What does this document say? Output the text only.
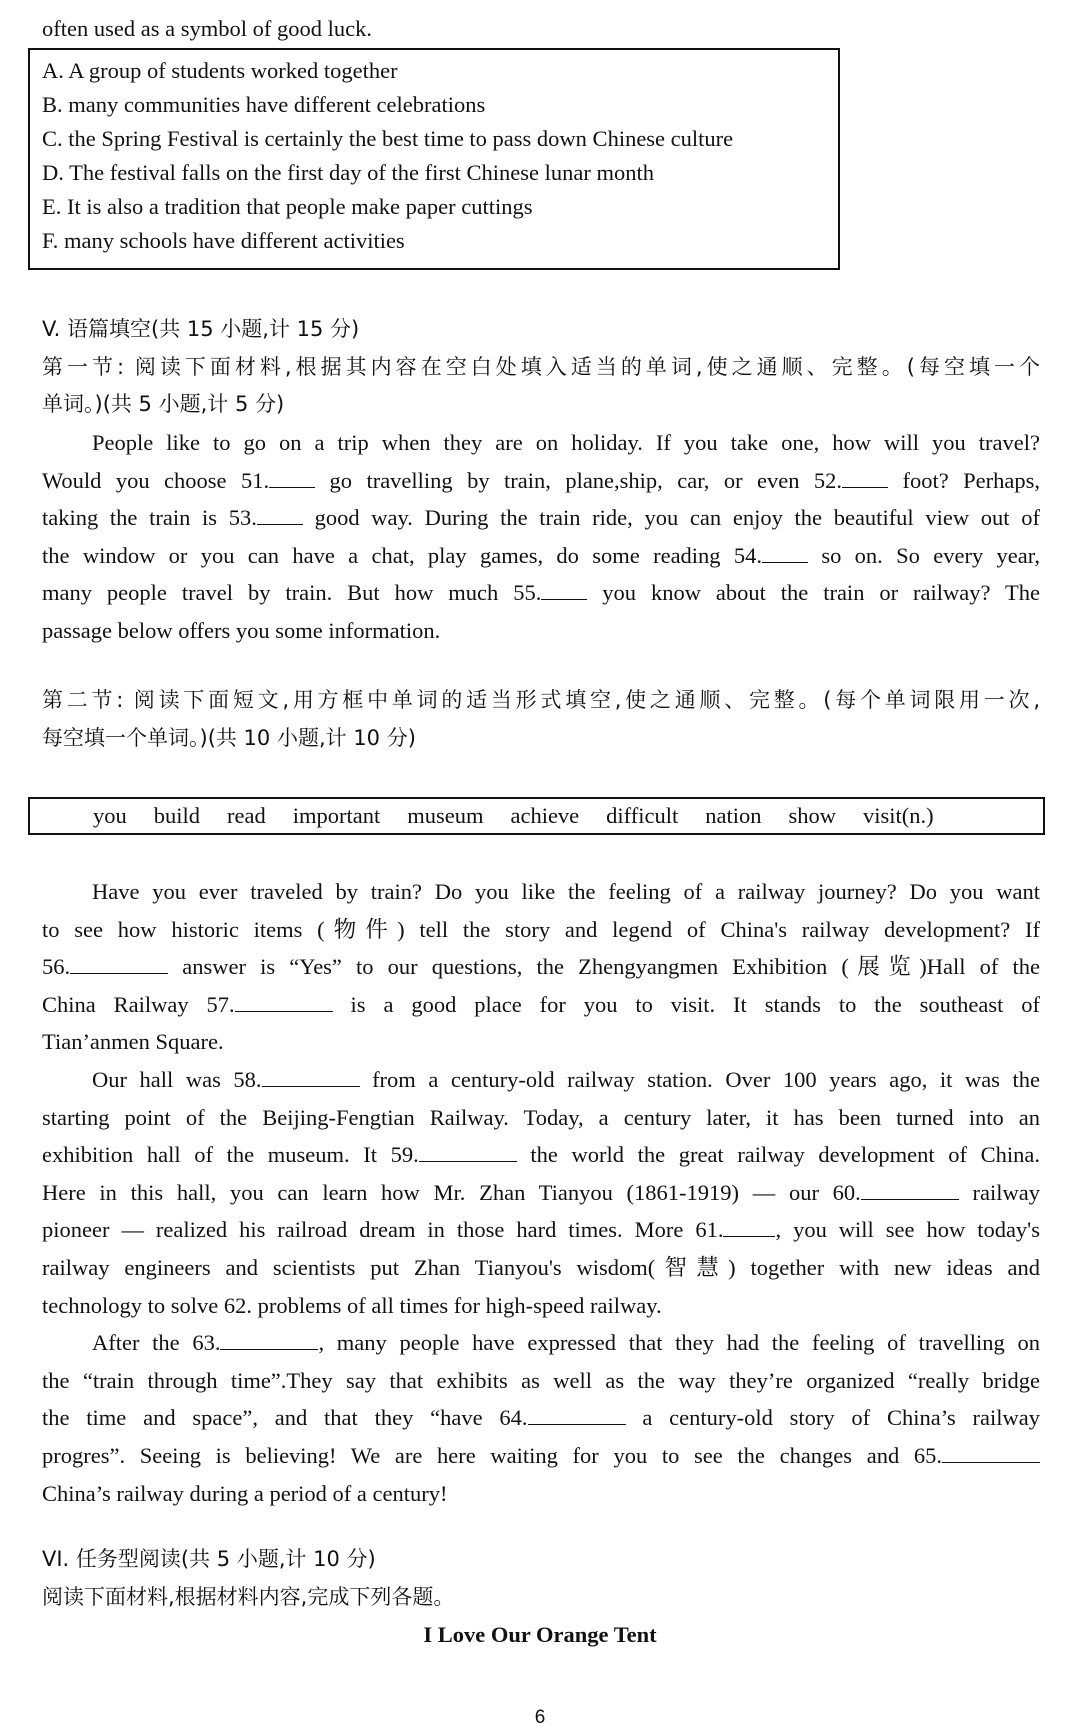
often used as a symbol of good luck.
A. A group of students worked together
B. many communities have different celebrations
C. the Spring Festival is certainly the best time to pass down Chinese culture
D. The festival falls on the first day of the first Chinese lunar month
E. It is also a tradition that people make paper cuttings
F. many schools have different activities
V. 语篇填空(共 15 小题,计 15 分)
第一节: 阅读下面材料,根据其内容在空白处填入适当的单词,使之通顺、完整。(每空填一个
单词。)(共 5 小题,计 5 分)
People like to go on a trip when they are on holiday. If you take one, how will you travel?
Would you choose 51. go travelling by train, plane,ship, car, or even 52. foot? Perhaps,
taking the train is 53. good way. During the train ride, you can enjoy the beautiful view out of
the window or you can have a chat, play games, do some reading 54. so on. So every year,
many people travel by train. But how much 55. you know about the train or railway? The
passage below offers you some information.
第二节: 阅读下面短文,用方框中单词的适当形式填空,使之通顺、完整。(每个单词限用一次,
每空填一个单词。)(共 10 小题,计 10 分)
you build read important museum achieve difficult nation show visit(n.)
Have you ever traveled by train? Do you like the feeling of a railway journey? Do you want
to see how historic items (物件) tell the story and legend of China's railway development? If
56.	answer is “Yes” to our questions, the Zhengyangmen Exhibition (展览)Hall of the
China Railway 57.	is a good place for you to visit. It stands to the southeast of
Tian’anmen Square.
Our hall was 58.	from a century-old railway station. Over 100 years ago, it was the
starting point of the Beijing-Fengtian Railway. Today, a century later, it has been turned into an
exhibition hall of the museum. It 59.	the world the great railway development of China.
Here in this hall, you can learn how Mr. Zhan Tianyou (1861-1919) — our 60.	railway
pioneer — realized his railroad dream in those hard times. More 61. , you will see how today's
railway engineers and scientists put Zhan Tianyou's wisdom(智慧) together with new ideas and
technology to solve 62. problems of all times for high-speed railway.
After the 63.	, many people have expressed that they had the feeling of travelling on
the “train through time”.They say that exhibits as well as the way they’re organized “really bridge
the time and space”, and that they “have 64.	a century-old story of China’s railway
progres”. Seeing is believing! We are here waiting for you to see the changes and 65.
China’s railway during a period of a century!
VI. 任务型阅读(共 5 小题,计 10 分)
阅读下面材料,根据材料内容,完成下列各题。
I Love Our Orange Tent
6
